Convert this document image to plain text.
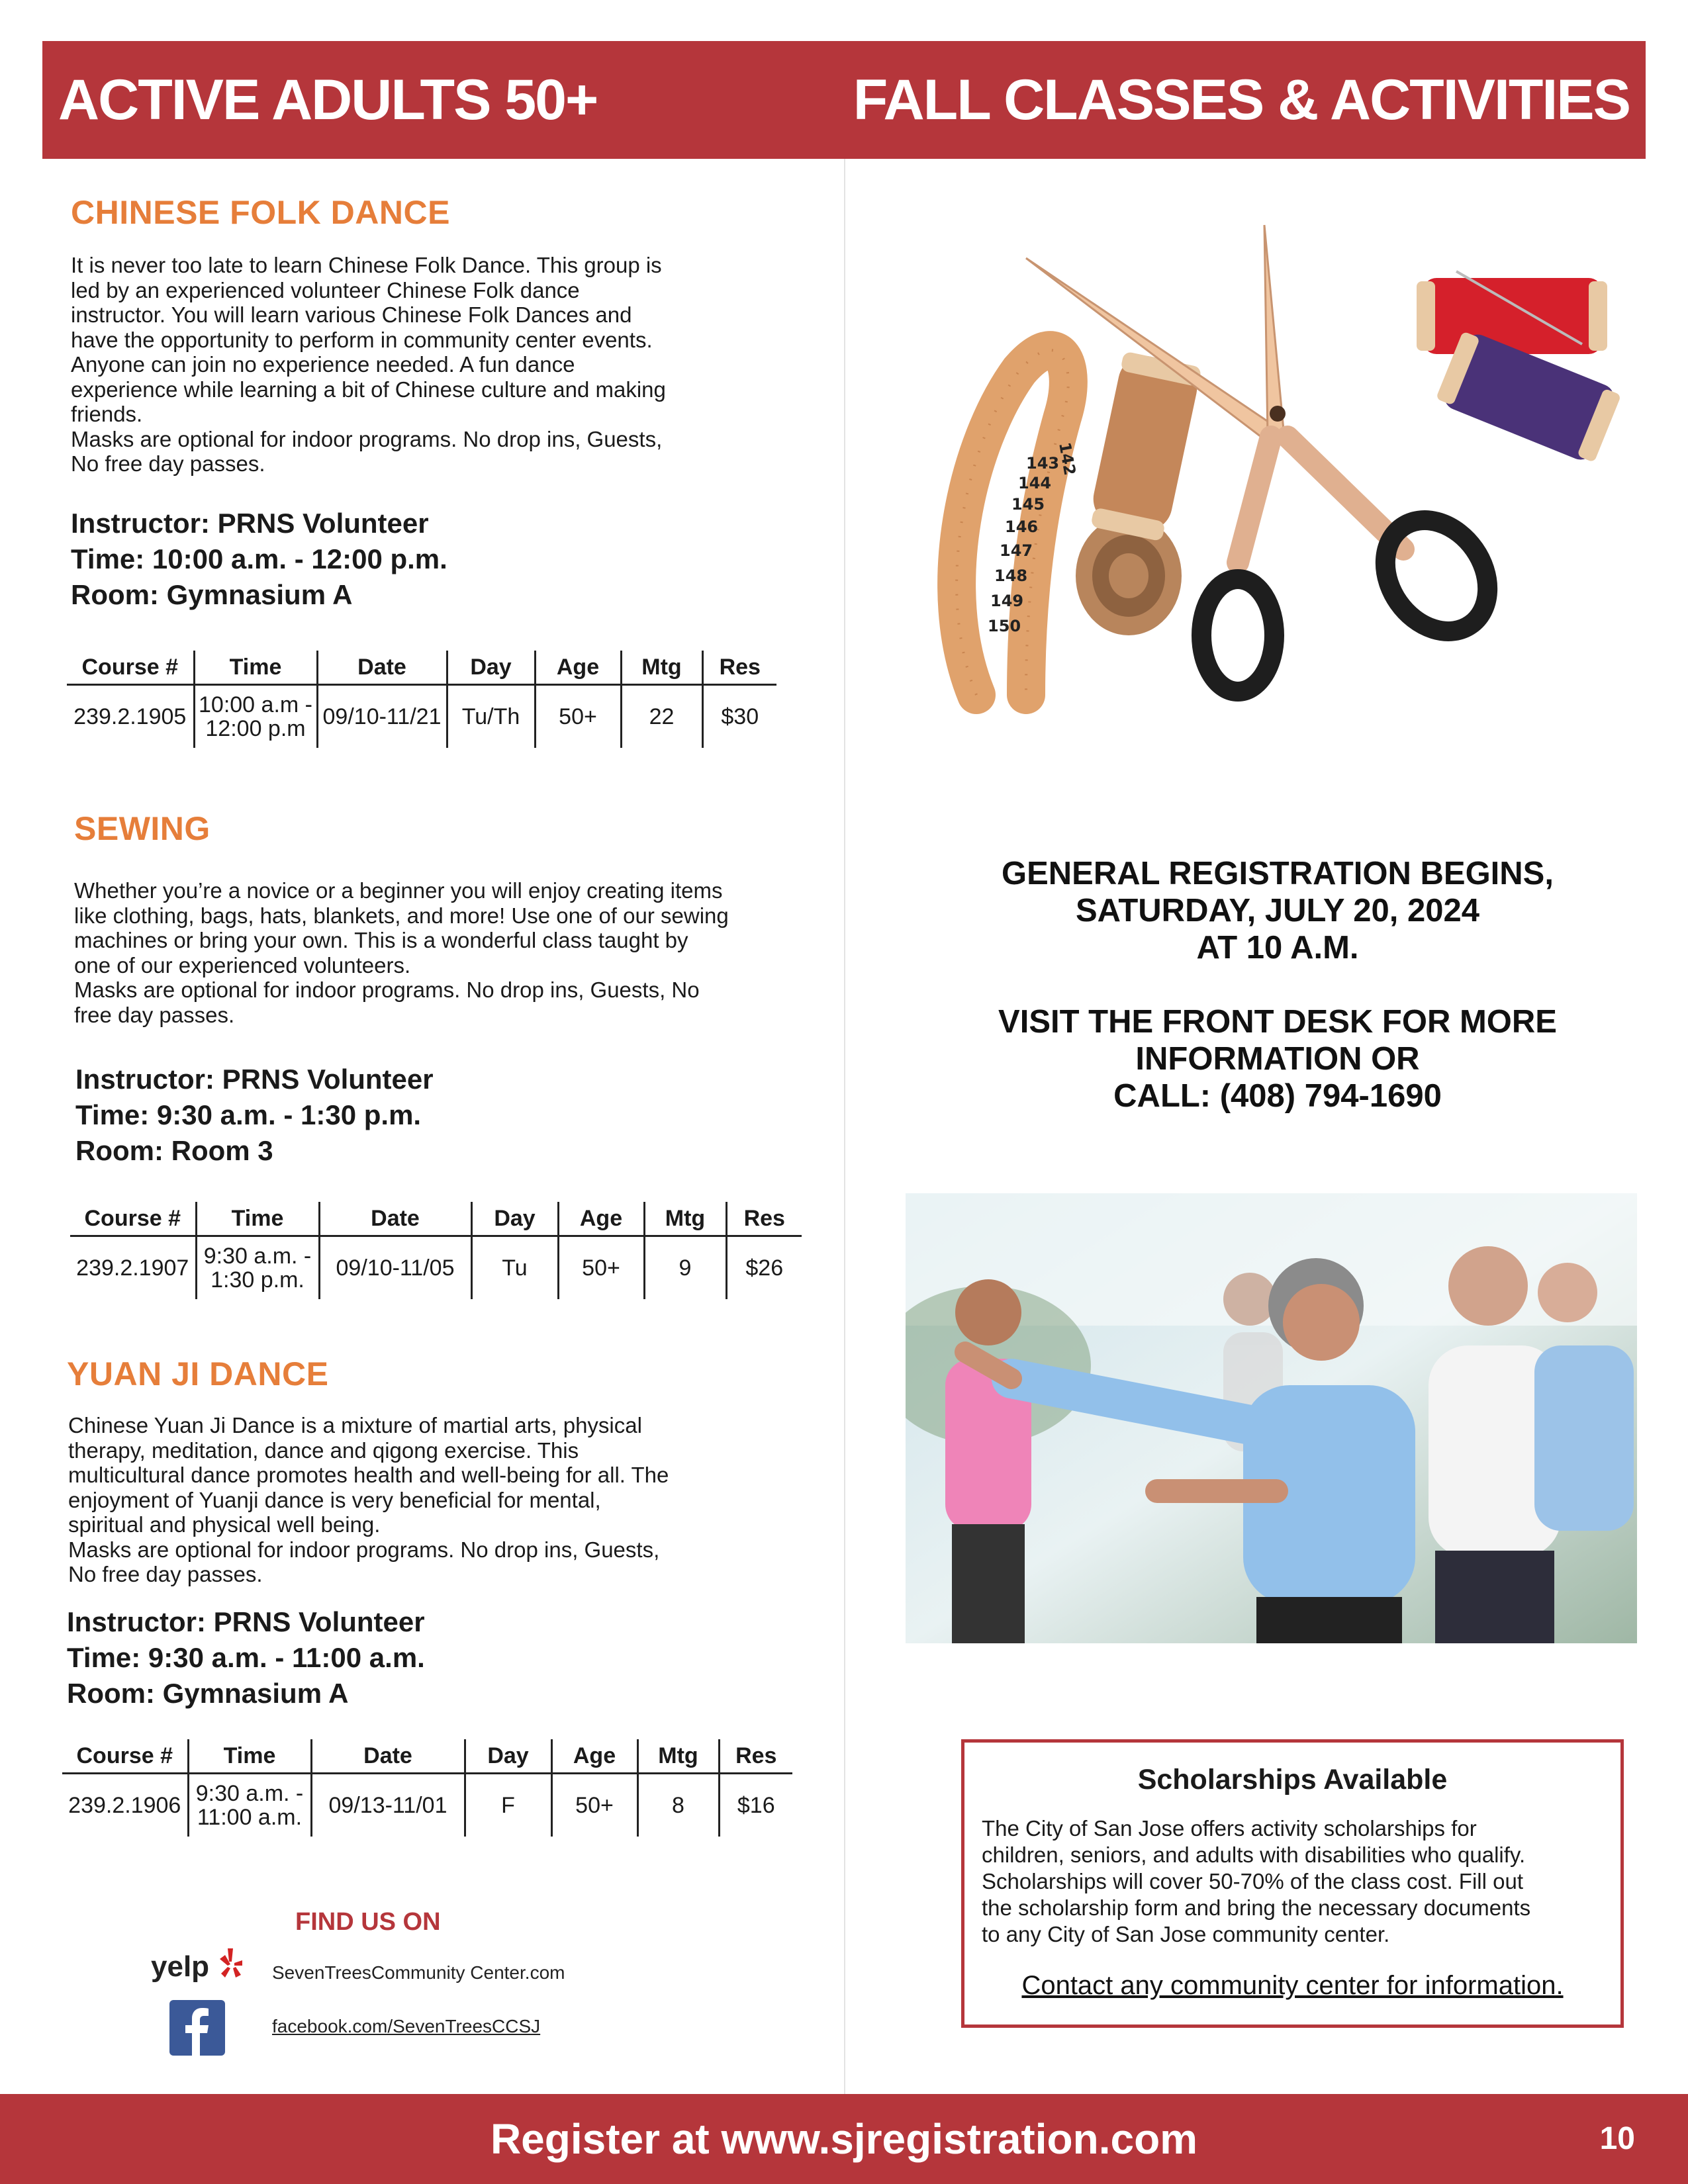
ACTIVE ADULTS 50+	FALL CLASSES & ACTIVITIES
CHINESE FOLK DANCE

It is never too late to learn Chinese Folk Dance. This group is

led by an experienced volunteer Chinese Folk dance

instructor. You will learn various Chinese Folk Dances and

have the opportunity to perform in community center events.

Anyone can join no experience needed. A fun dance

experience while learning a bit of Chinese culture and making

friends.

Masks are optional for indoor programs. No drop ins, Guests,

No free day passes.

Instructor: PRNS Volunteer
Time: 10:00 a.m. - 12:00 p.m.
Room: Gymnasium A
Course #	Time	Date	Day	Age	Mtg	Res
239.2.1905	10:00 a.m -
12:00 p.m	09/10-11/21	Tu/Th	50+	22	$30
SEWING

Whether you’re a novice or a beginner you will enjoy creating items

like clothing, bags, hats, blankets, and more! Use one of our sewing

machines or bring your own. This is a wonderful class taught by

one of our experienced volunteers.

Masks are optional for indoor programs. No drop ins, Guests, No

free day passes.

Instructor: PRNS Volunteer
Time: 9:30 a.m. - 1:30 p.m.
Room: Room 3
Course #	Time	Date	Day	Age	Mtg	Res
239.2.1907	9:30 a.m. -
1:30 p.m.	09/10-11/05	Tu	50+	9	$26
YUAN JI DANCE

Chinese Yuan Ji Dance is a mixture of martial arts, physical

therapy, meditation, dance and qigong exercise. This

multicultural dance promotes health and well-being for all. The

enjoyment of Yuanji dance is very beneficial for mental,

spiritual and physical well being.

Masks are optional for indoor programs. No drop ins, Guests,

No free day passes.

Instructor: PRNS Volunteer
Time: 9:30 a.m. - 11:00 a.m.
Room: Gymnasium A
Course #	Time	Date	Day	Age	Mtg	Res
239.2.1906	9:30 a.m. -
11:00 a.m.	09/13-11/01	F	50+	8	$16
FIND US ON
yelp	SevenTreesCommunity Center.com
facebook.com/SevenTreesCCSJ
142
143
144
145
146
147
148
149
150
GENERAL REGISTRATION BEGINS,
SATURDAY, JULY 20, 2024
AT 10 A.M.
VISIT THE FRONT DESK FOR MORE
INFORMATION OR
CALL: (408) 794-1690
Scholarships Available
The City of San Jose offers activity scholarships for
children, seniors, and adults with disabilities who qualify.
Scholarships will cover 50-70% of the class cost. Fill out
the scholarship form and bring the necessary documents
to any City of San Jose community center.
Contact any community center for information.
Register at www.sjregistration.com	10
